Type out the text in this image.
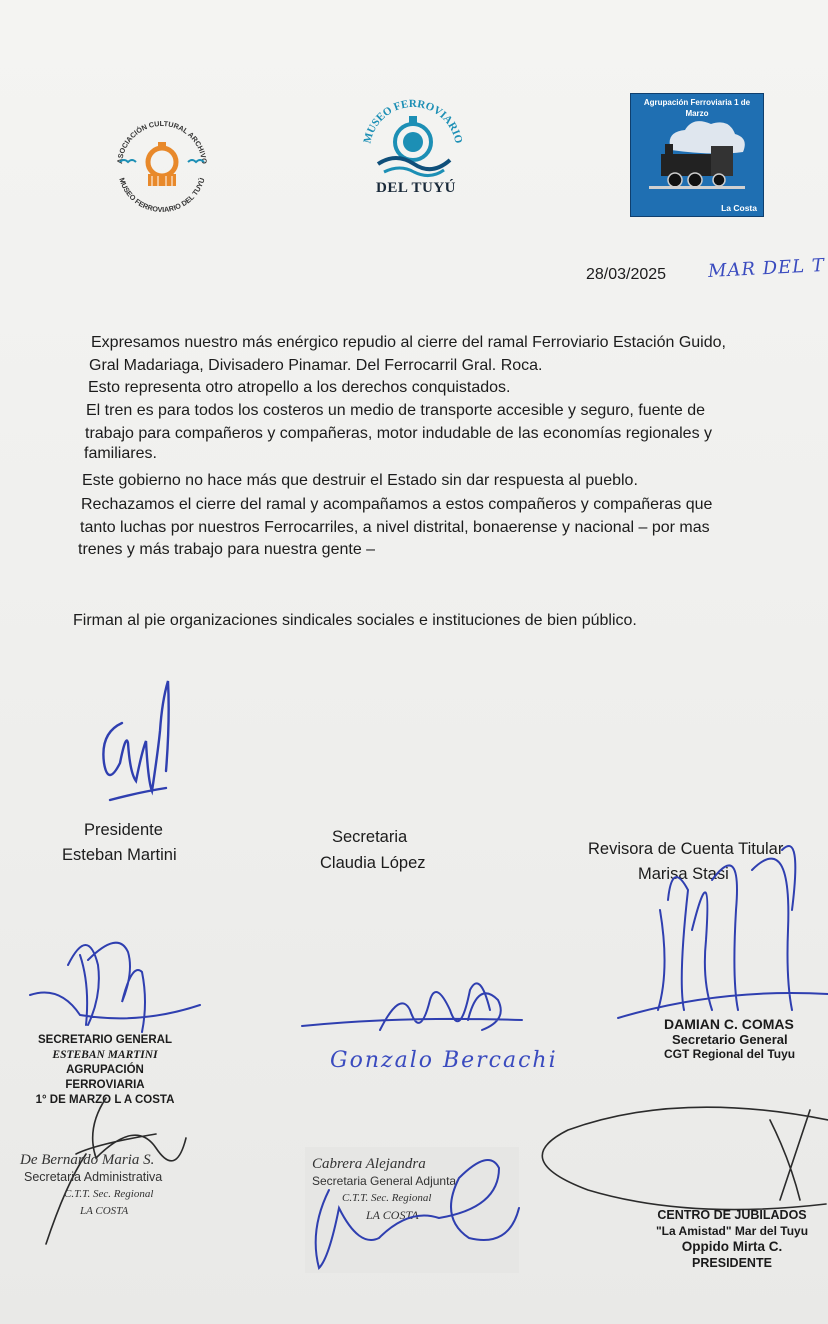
ASOCIACIÓN CULTURAL ARCHIVO
MUSEO FERROVIARIO DEL TUYÚ
MUSEO FERROVIARIO
DEL TUYÚ
Agrupación Ferroviaria 1 de Marzo
La Costa
28/03/2025 MAR DEL T
Expresamos nuestro más enérgico repudio al cierre del ramal Ferroviario Estación Guido,
Gral Madariaga, Divisadero Pinamar. Del Ferrocarril Gral. Roca.
Esto representa otro atropello a los derechos conquistados.
El tren es para todos los costeros un medio de transporte accesible y seguro, fuente de
trabajo para compañeros y compañeras, motor indudable de las economías regionales y
familiares.
Este gobierno no hace más que destruir el Estado sin dar respuesta al pueblo.
Rechazamos el cierre del ramal y acompañamos a estos compañeros y compañeras que
tanto luchas por nuestros Ferrocarriles, a nivel distrital, bonaerense y nacional – por mas
trenes y más trabajo para nuestra gente –
Firman al pie organizaciones sindicales sociales e instituciones de bien público.
Presidente
Esteban Martini
Secretaria
Claudia López
Revisora de Cuenta Titular
Marisa Stasi
SECRETARIO GENERAL
ESTEBAN MARTINI
AGRUPACIÓN FERROVIARIA
1° DE MARZO L A COSTA
Gonzalo Bercachi
DAMIAN C. COMAS
Secretario General
CGT Regional del Tuyu
De Bernardo Maria S.
Secretaria Administrativa
C.T.T. Sec. Regional
LA COSTA
Cabrera Alejandra
Secretaria General Adjunta
C.T.T. Sec. Regional
LA COSTA	CENTRO DE JUBILADOS
"La Amistad" Mar del Tuyu
Oppido Mirta C.
PRESIDENTE
